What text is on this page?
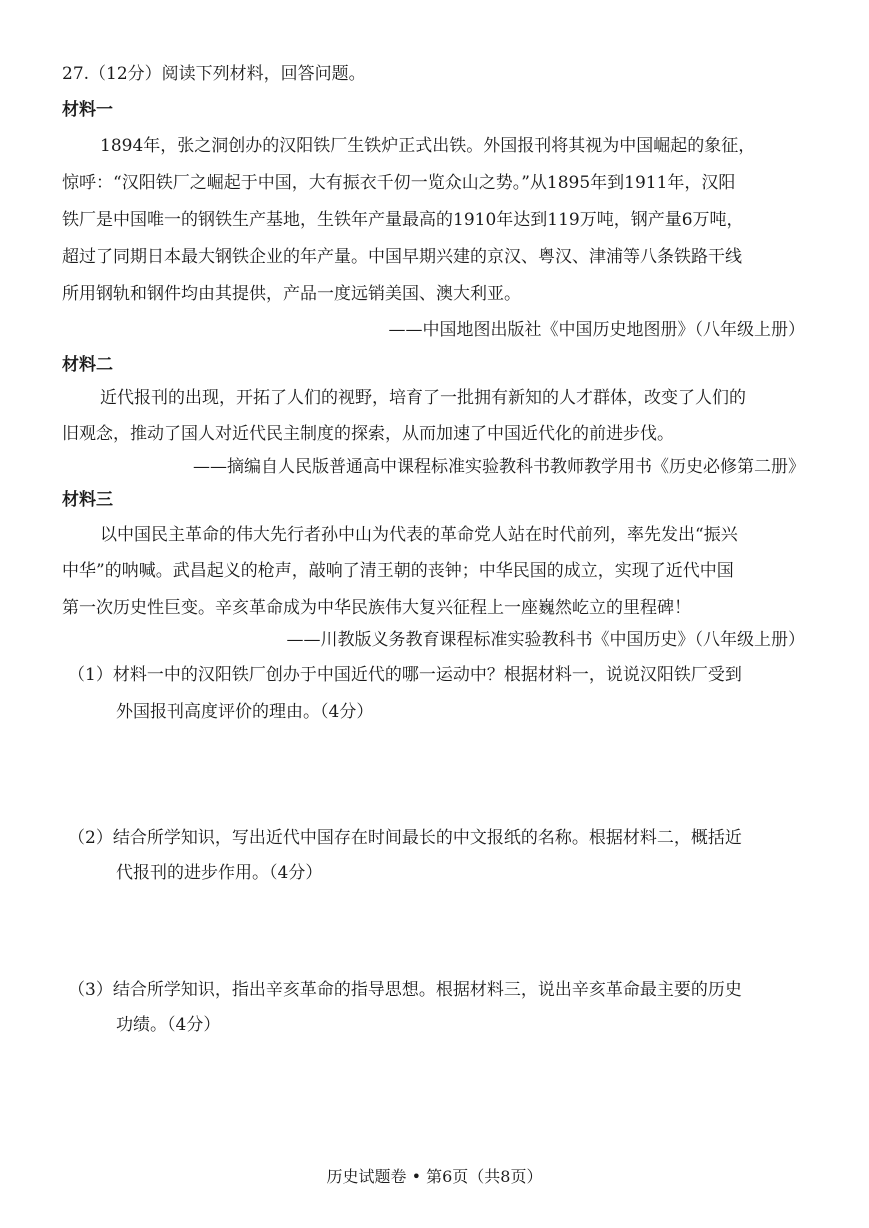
27.（12分）阅读下列材料，回答问题。
材料一
1894年，张之洞创办的汉阳铁厂生铁炉正式出铁。外国报刊将其视为中国崛起的象征，
惊呼：“汉阳铁厂之崛起于中国，大有振衣千仞一览众山之势。”从1895年到1911年，汉阳
铁厂是中国唯一的钢铁生产基地，生铁年产量最高的1910年达到119万吨，钢产量6万吨，
超过了同期日本最大钢铁企业的年产量。中国早期兴建的京汉、粤汉、津浦等八条铁路干线
所用钢轨和钢件均由其提供，产品一度远销美国、澳大利亚。
——中国地图出版社《中国历史地图册》（八年级上册）
材料二
近代报刊的出现，开拓了人们的视野，培育了一批拥有新知的人才群体，改变了人们的
旧观念，推动了国人对近代民主制度的探索，从而加速了中国近代化的前进步伐。
——摘编自人民版普通高中课程标准实验教科书教师教学用书《历史必修第二册》
材料三
以中国民主革命的伟大先行者孙中山为代表的革命党人站在时代前列，率先发出“振兴
中华”的呐喊。武昌起义的枪声，敲响了清王朝的丧钟；中华民国的成立，实现了近代中国
第一次历史性巨变。辛亥革命成为中华民族伟大复兴征程上一座巍然屹立的里程碑！
——川教版义务教育课程标准实验教科书《中国历史》（八年级上册）
（1）材料一中的汉阳铁厂创办于中国近代的哪一运动中？根据材料一，说说汉阳铁厂受到
外国报刊高度评价的理由。（4分）
（2）结合所学知识，写出近代中国存在时间最长的中文报纸的名称。根据材料二，概括近
代报刊的进步作用。（4分）
（3）结合所学知识，指出辛亥革命的指导思想。根据材料三，说出辛亥革命最主要的历史
功绩。（4分）
历史试题卷 • 第6页（共8页）
